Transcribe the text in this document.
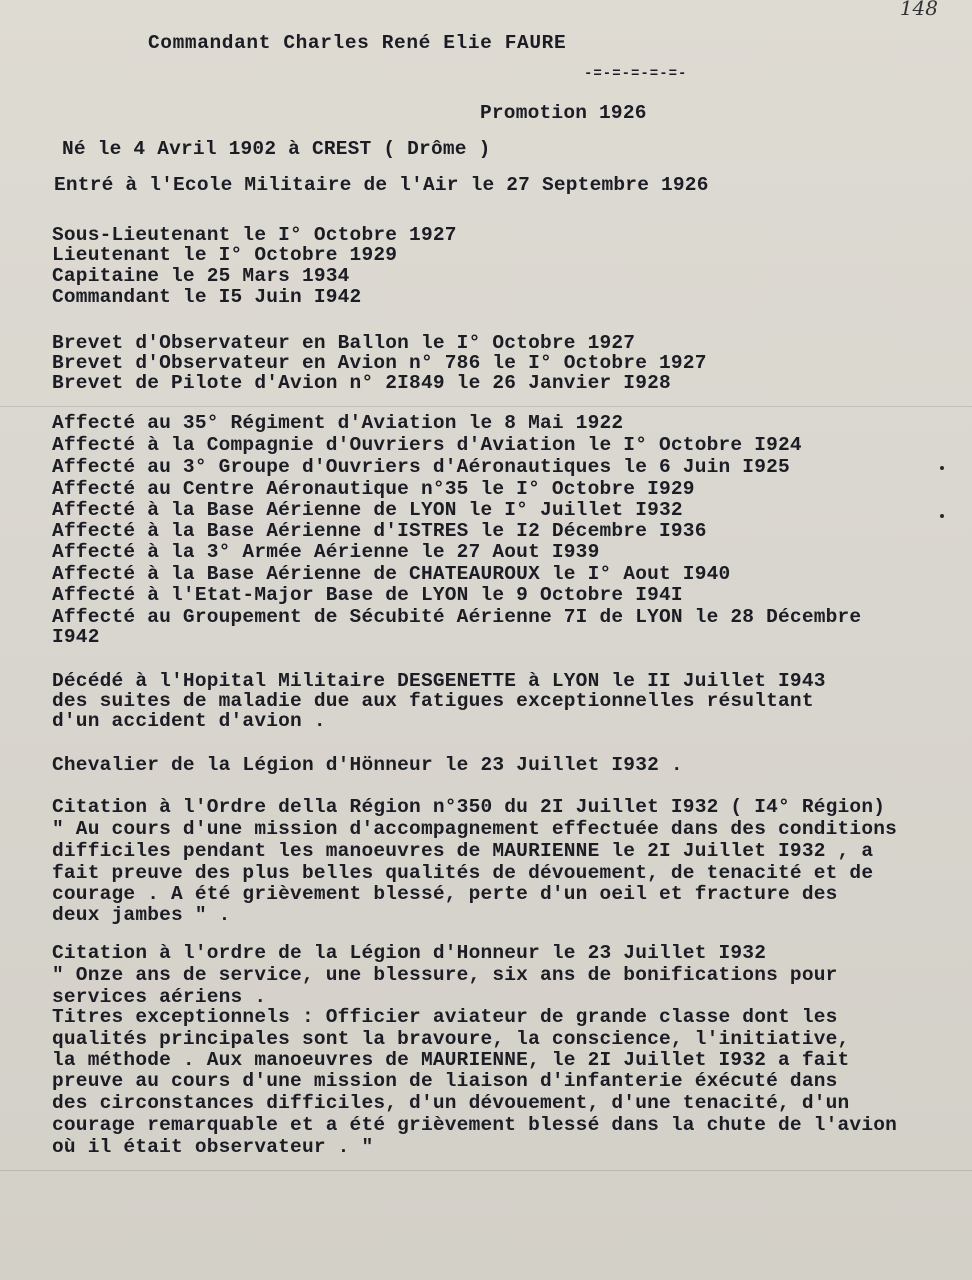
148
Commandant Charles René Elie FAURE
-=-=-=-=-=-
Promotion 1926
Né le 4 Avril 1902 à CREST ( Drôme )
Entré à l'Ecole Militaire de l'Air le 27 Septembre 1926
Sous-Lieutenant le I° Octobre 1927
Lieutenant le I° Octobre 1929
Capitaine le 25 Mars 1934
Commandant le I5 Juin I942
Brevet d'Observateur en Ballon le I° Octobre 1927
Brevet d'Observateur en Avion n° 786 le I° Octobre 1927
Brevet de Pilote d'Avion n° 2I849 le 26 Janvier I928
Affecté au 35° Régiment d'Aviation le 8 Mai 1922
Affecté à la Compagnie d'Ouvriers d'Aviation le I° Octobre I924
Affecté au 3° Groupe d'Ouvriers d'Aéronautiques le 6 Juin I925
Affecté au Centre Aéronautique n°35 le I° Octobre I929
Affecté à la Base Aérienne de LYON le I° Juillet I932
Affecté à la Base Aérienne d'ISTRES le I2 Décembre I936
Affecté à la 3° Armée Aérienne le 27 Aout I939
Affecté à la Base Aérienne de CHATEAUROUX le I° Aout I940
Affecté à l'Etat-Major Base de LYON le 9 Octobre I94I
Affecté au Groupement de Sécubité Aérienne 7I de LYON le 28 Décembre
I942
Décédé à l'Hopital Militaire DESGENETTE à LYON le II Juillet I943
des suites de maladie due aux fatigues exceptionnelles résultant
d'un accident d'avion .
Chevalier de la Légion d'Hönneur le 23 Juillet I932 .
Citation à l'Ordre della Région n°350 du 2I Juillet I932 ( I4° Région)
" Au cours d'une mission d'accompagnement effectuée dans des conditions
difficiles pendant les manoeuvres de MAURIENNE le 2I Juillet I932 , a
fait preuve des plus belles qualités de dévouement, de tenacité et de
courage . A été grièvement blessé, perte d'un oeil et fracture des
deux jambes " .
Citation à l'ordre de la Légion d'Honneur le 23 Juillet I932
" Onze ans de service, une blessure, six ans de bonifications pour
services aériens .
Titres exceptionnels : Officier aviateur de grande classe dont les
qualités principales sont la bravoure, la conscience, l'initiative,
la méthode . Aux manoeuvres de MAURIENNE, le 2I Juillet I932 a fait
preuve au cours d'une mission de liaison d'infanterie éxécuté dans
des circonstances difficiles, d'un dévouement, d'une tenacité, d'un
courage remarquable et a été grièvement blessé dans la chute de l'avion
où il était observateur . "
